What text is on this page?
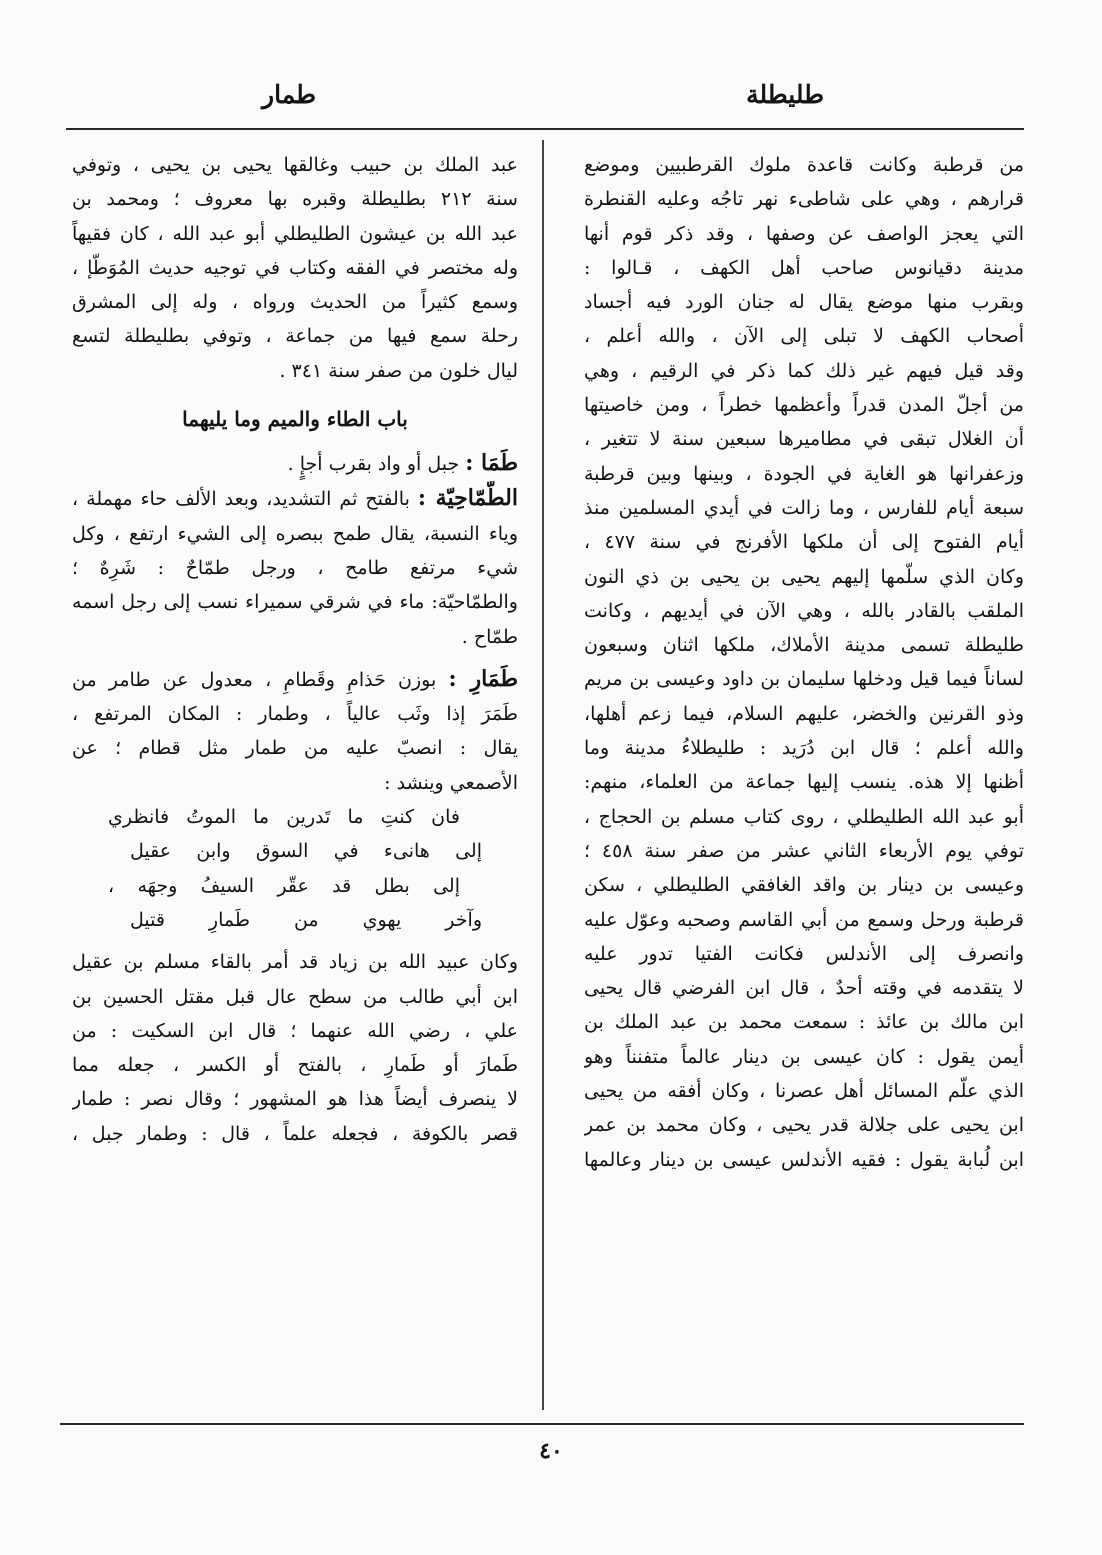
طليطلة
طمار
من قرطبة وكانت قاعدة ملوك القرطبيين وموضع
قرارهم ، وهي على شاطىء نهر تاجُه وعليه القنطرة
التي يعجز الواصف عن وصفها ، وقد ذكر قوم أنها
مدينة دقيانوس صاحب أهل الكهف ، قـالوا :
وبقرب منها موضع يقال له جنان الورد فيه أجساد
أصحاب الكهف لا تبلى إلى الآن ، والله أعلم ،
وقد قيل فيهم غير ذلك كما ذكر في الرقيم ، وهي
من أجلّ المدن قدراً وأعظمها خطراً ، ومن خاصيتها
أن الغلال تبقى في مطاميرها سبعين سنة لا تتغير ،
وزعفرانها هو الغاية في الجودة ، وبينها وبين قرطبة
سبعة أيام للفارس ، وما زالت في أيدي المسلمين منذ
أيام الفتوح إلى أن ملكها الأفرنج في سنة ٤٧٧ ،
وكان الذي سلّمها إليهم يحيى بن يحيى بن ذي النون
الملقب بالقادر بالله ، وهي الآن في أيديهم ، وكانت
طليطلة تسمى مدينة الأملاك، ملكها اثنان وسبعون
لساناً فيما قيل ودخلها سليمان بن داود وعيسى بن مريم
وذو القرنين والخضر، عليهم السلام، فيما زعم أهلها،
والله أعلم ؛ قال ابن دُرَيد : طليطلاءُ مدينة وما
أظنها إلا هذه. ينسب إليها جماعة من العلماء، منهم:
أبو عبد الله الطليطلي ، روى كتاب مسلم بن الحجاج ،
توفي يوم الأربعاء الثاني عشر من صفر سنة ٤٥٨ ؛
وعيسى بن دينار بن واقد الغافقي الطليطلي ، سكن
قرطبة ورحل وسمع من أبي القاسم وصحبه وعوّل عليه
وانصرف إلى الأندلس فكانت الفتيا تدور عليه
لا يتقدمه في وقته أحدٌ ، قال ابن الفرضي قال يحيى
ابن مالك بن عائذ : سمعت محمد بن عبد الملك بن
أيمن يقول : كان عيسى بن دينار عالماً متفنناً وهو
الذي علّم المسائل أهل عصرنا ، وكان أفقه من يحيى
ابن يحيى على جلالة قدر يحيى ، وكان محمد بن عمر
ابن لُبابة يقول : فقيه الأندلس عيسى بن دينار وعالمها
عبد الملك بن حبيب وغالقها يحيى بن يحيى ، وتوفي
سنة ٢١٢ بطليطلة وقبره بها معروف ؛ ومحمد بن
عبد الله بن عيشون الطليطلي أبو عبد الله ، كان فقيهاً
وله مختصر في الفقه وكتاب في توجيه حديث المُوَطّإ ،
وسمع كثيراً من الحديث ورواه ، وله إلى المشرق
رحلة سمع فيها من جماعة ، وتوفي بطليطلة لتسع
ليال خلون من صفر سنة ٣٤١ .
باب الطاء والميم وما يليهما
طَمَا : جبل أو واد بقرب أجإٍ .
الطَّمّاحِيّة : بالفتح ثم التشديد، وبعد الألف حاء مهملة ،
وياء النسبة، يقال طمح ببصره إلى الشيء ارتفع ، وكل
شيء مرتفع طامح ، ورجل طمّاحٌ : شَرِهٌ ؛
والطمّاحيّة: ماء في شرقي سميراء نسب إلى رجل اسمه
طمّاح .
طَمَارِ : بوزن حَذامِ وقَطامِ ، معدول عن طامر من
طَمَرَ إذا وثَب عالياً ، وطمار : المكان المرتفع ،
يقال : انصبّ عليه من طمار مثل قطام ؛ عن
الأصمعي وينشد :
فان كنتِ ما تَدرين ما الموتُ فانظري
إلى هانىء في السوق وابن عقيل
إلى بطل قد عقّر السيفُ وجهَه ،
وآخر يهوي من طَمارِ قتيل
وكان عبيد الله بن زياد قد أمر بالقاء مسلم بن عقيل
ابن أبي طالب من سطح عال قبل مقتل الحسين بن
علي ، رضي الله عنهما ؛ قال ابن السكيت : من
طَمارَ أو طَمارِ ، بالفتح أو الكسر ، جعله مما
لا ينصرف أيضاً هذا هو المشهور ؛ وقال نصر : طمار
قصر بالكوفة ، فجعله علماً ، قال : وطمار جبل ،
٤٠
